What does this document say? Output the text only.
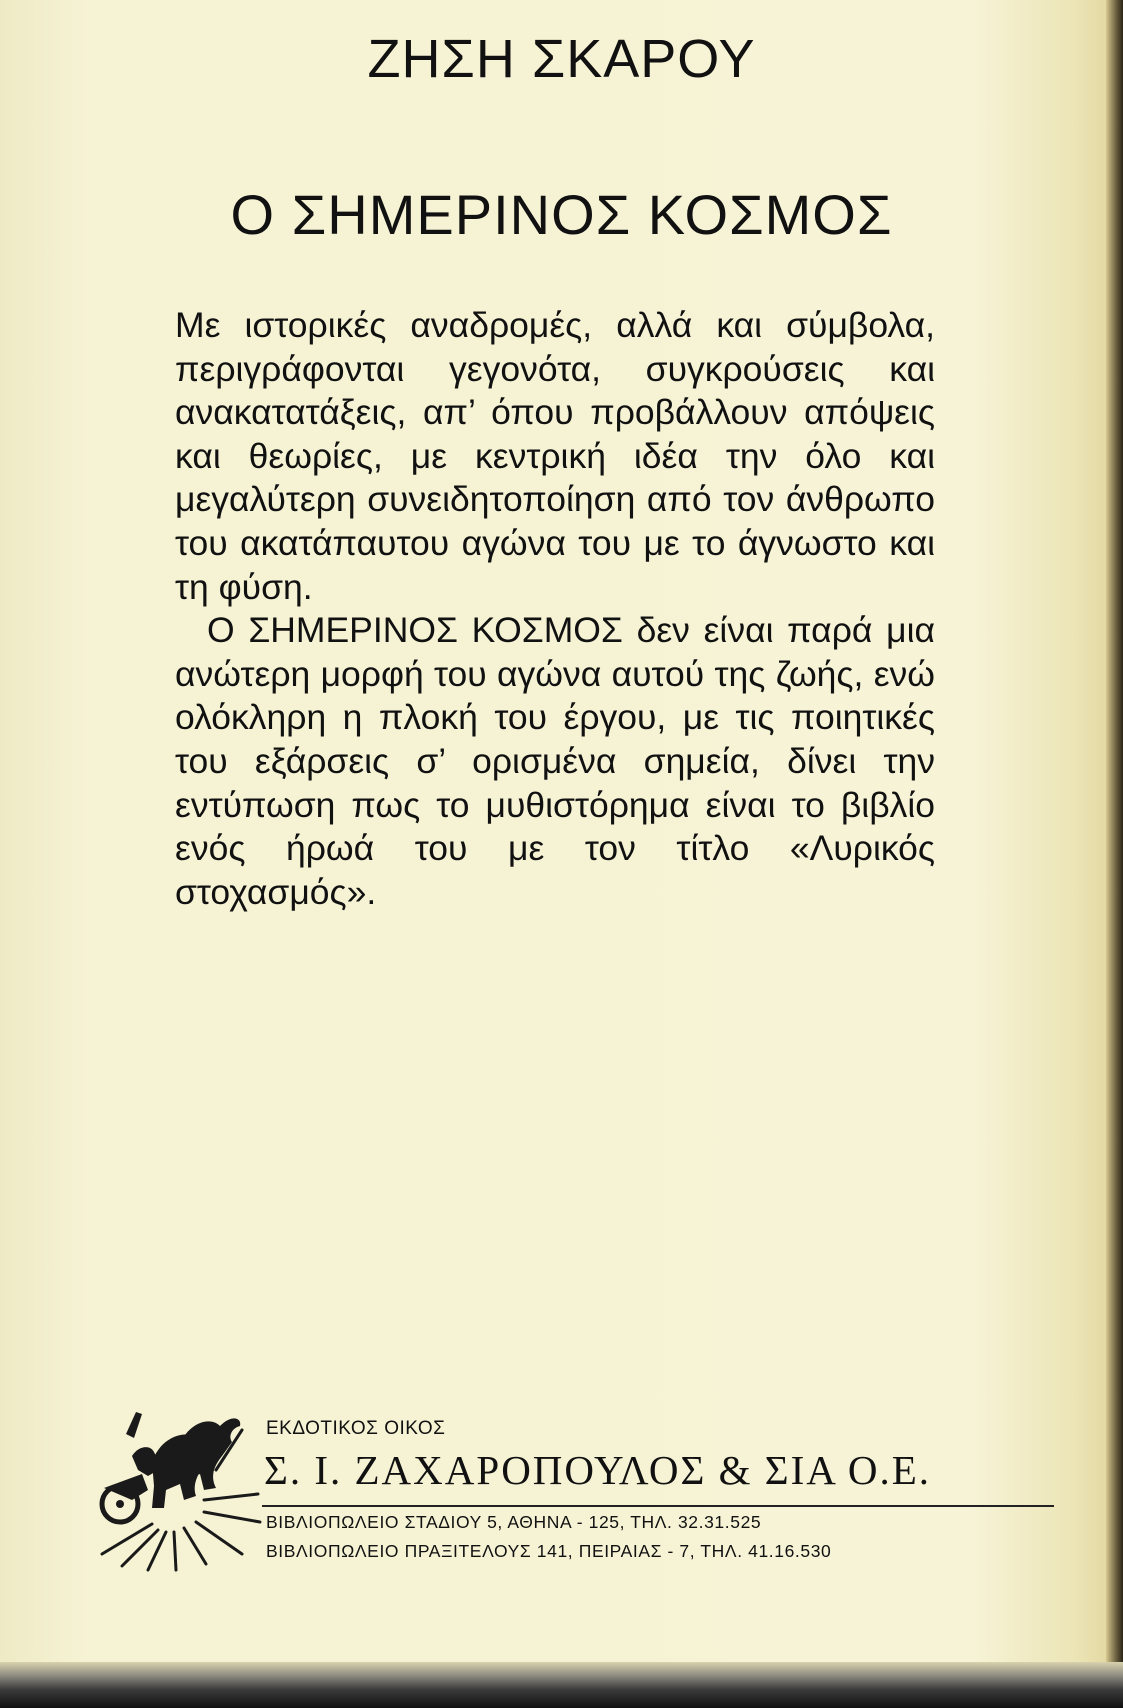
ΖΗΣΗ ΣΚΑΡΟΥ
Ο ΣΗΜΕΡΙΝΟΣ ΚΟΣΜΟΣ

Με ιστορικές αναδρομές, αλλά και σύμβολα, περιγράφονται γεγονότα, συγκρούσεις και ανακατατάξεις, απ’ όπου προβάλλουν απόψεις και θεωρίες, με κεντρική ιδέα την όλο και μεγαλύτερη συνειδητοποίηση από τον άνθρωπο του ακατάπαυτου αγώνα του με το άγνωστο και τη φύση.

Ο ΣΗΜΕΡΙΝΟΣ ΚΟΣΜΟΣ δεν είναι παρά μια ανώτερη μορφή του αγώνα αυτού της ζωής, ενώ ολόκληρη η πλοκή του έργου, με τις ποιητικές του εξάρσεις σ’ ορισμένα σημεία, δίνει την εντύπωση πως το μυθιστόρημα είναι το βιβλίο ενός ήρωά του με τον τίτλο «Λυρικός στοχασμός».

ΕΚΔΟΤΙΚΟΣ ΟΙΚΟΣ
Σ. Ι. ΖΑΧΑΡΟΠΟΥΛΟΣ & ΣΙΑ Ο.Ε.
ΒΙΒΛΙΟΠΩΛΕΙΟ ΣΤΑΔΙΟΥ 5, ΑΘΗΝΑ - 125, ΤΗΛ. 32.31.525
ΒΙΒΛΙΟΠΩΛΕΙΟ ΠΡΑΞΙΤΕΛΟΥΣ 141, ΠΕΙΡΑΙΑΣ - 7, ΤΗΛ. 41.16.530
